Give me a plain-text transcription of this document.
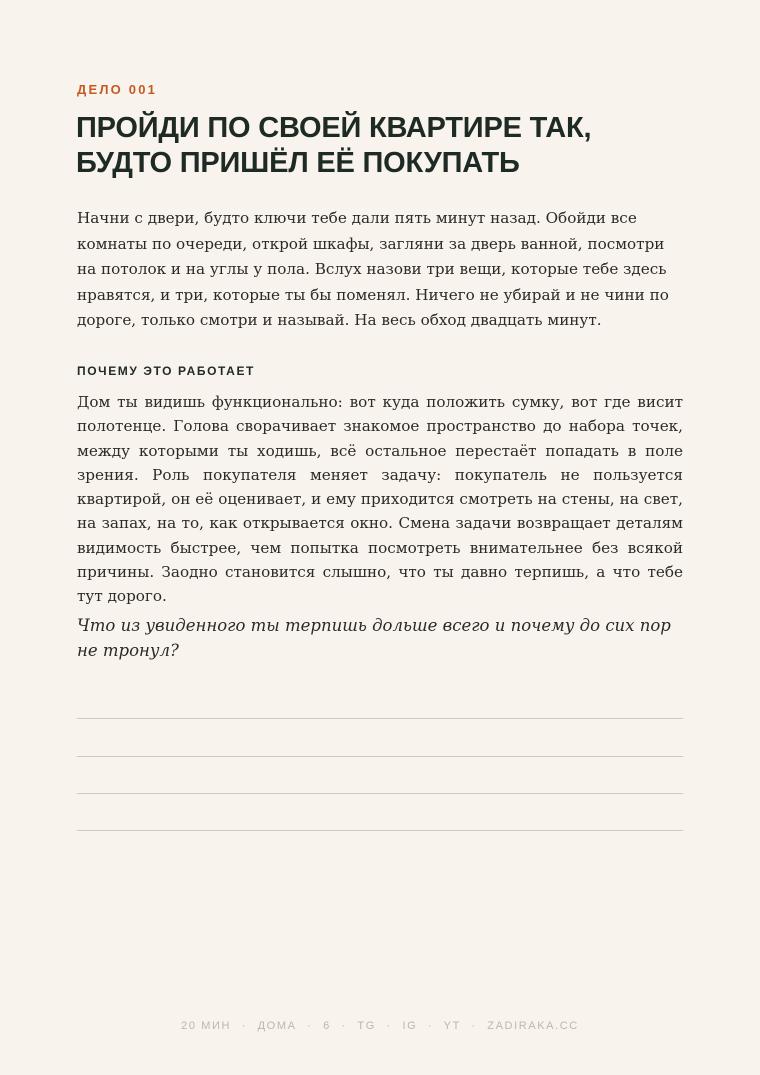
ДЕЛО 001

ПРОЙДИ ПО СВОЕЙ КВАРТИРЕ ТАК, БУДТО ПРИШЁЛ ЕЁ ПОКУПАТЬ

Начни с двери, будто ключи тебе дали пять минут назад. Обойди все комнаты по очереди, открой шкафы, загляни за дверь ванной, посмотри на потолок и на углы у пола. Вслух назови три вещи, которые тебе здесь нравятся, и три, которые ты бы поменял. Ничего не убирай и не чини по дороге, только смотри и называй. На весь обход двадцать минут.

ПОЧЕМУ ЭТО РАБОТАЕТ

Дом ты видишь функционально: вот куда положить сумку, вот где висит полотенце. Голова сворачивает знакомое пространство до набора точек, между которыми ты ходишь, всё остальное перестаёт попадать в поле зрения. Роль покупателя меняет задачу: покупатель не пользуется квартирой, он её оценивает, и ему приходится смотреть на стены, на свет, на запах, на то, как открывается окно. Смена задачи возвращает деталям видимость быстрее, чем попытка посмотреть внимательнее без всякой причины. Заодно становится слышно, что ты давно терпишь, а что тебе тут дорого.

Что из увиденного ты терпишь дольше всего и почему до сих пор не тронул?

20 МИН · ДОМА · 6 · TG · IG · YT · ZADIRAKA.CC
